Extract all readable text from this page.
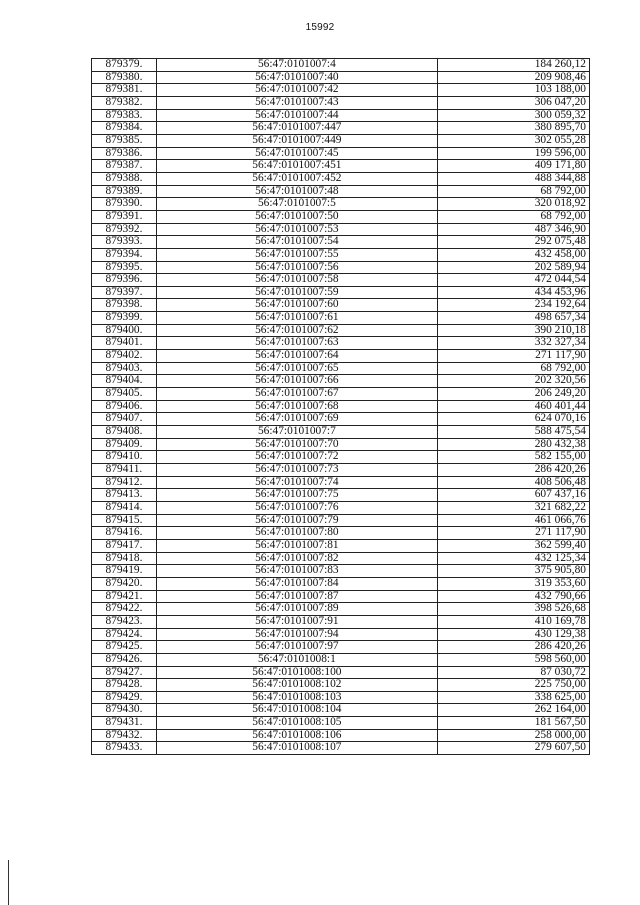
15992
879379.	56:47:0101007:4	184 260,12
879380.	56:47:0101007:40	209 908,46
879381.	56:47:0101007:42	103 188,00
879382.	56:47:0101007:43	306 047,20
879383.	56:47:0101007:44	300 059,32
879384.	56:47:0101007:447	380 895,70
879385.	56:47:0101007:449	302 055,28
879386.	56:47:0101007:45	199 596,00
879387.	56:47:0101007:451	409 171,80
879388.	56:47:0101007:452	488 344,88
879389.	56:47:0101007:48	68 792,00
879390.	56:47:0101007:5	320 018,92
879391.	56:47:0101007:50	68 792,00
879392.	56:47:0101007:53	487 346,90
879393.	56:47:0101007:54	292 075,48
879394.	56:47:0101007:55	432 458,00
879395.	56:47:0101007:56	202 589,94
879396.	56:47:0101007:58	472 044,54
879397.	56:47:0101007:59	434 453,96
879398.	56:47:0101007:60	234 192,64
879399.	56:47:0101007:61	498 657,34
879400.	56:47:0101007:62	390 210,18
879401.	56:47:0101007:63	332 327,34
879402.	56:47:0101007:64	271 117,90
879403.	56:47:0101007:65	68 792,00
879404.	56:47:0101007:66	202 320,56
879405.	56:47:0101007:67	206 249,20
879406.	56:47:0101007:68	460 401,44
879407.	56:47:0101007:69	624 070,16
879408.	56:47:0101007:7	588 475,54
879409.	56:47:0101007:70	280 432,38
879410.	56:47:0101007:72	582 155,00
879411.	56:47:0101007:73	286 420,26
879412.	56:47:0101007:74	408 506,48
879413.	56:47:0101007:75	607 437,16
879414.	56:47:0101007:76	321 682,22
879415.	56:47:0101007:79	461 066,76
879416.	56:47:0101007:80	271 117,90
879417.	56:47:0101007:81	362 599,40
879418.	56:47:0101007:82	432 125,34
879419.	56:47:0101007:83	375 905,80
879420.	56:47:0101007:84	319 353,60
879421.	56:47:0101007:87	432 790,66
879422.	56:47:0101007:89	398 526,68
879423.	56:47:0101007:91	410 169,78
879424.	56:47:0101007:94	430 129,38
879425.	56:47:0101007:97	286 420,26
879426.	56:47:0101008:1	598 560,00
879427.	56:47:0101008:100	87 030,72
879428.	56:47:0101008:102	225 750,00
879429.	56:47:0101008:103	338 625,00
879430.	56:47:0101008:104	262 164,00
879431.	56:47:0101008:105	181 567,50
879432.	56:47:0101008:106	258 000,00
879433.	56:47:0101008:107	279 607,50
